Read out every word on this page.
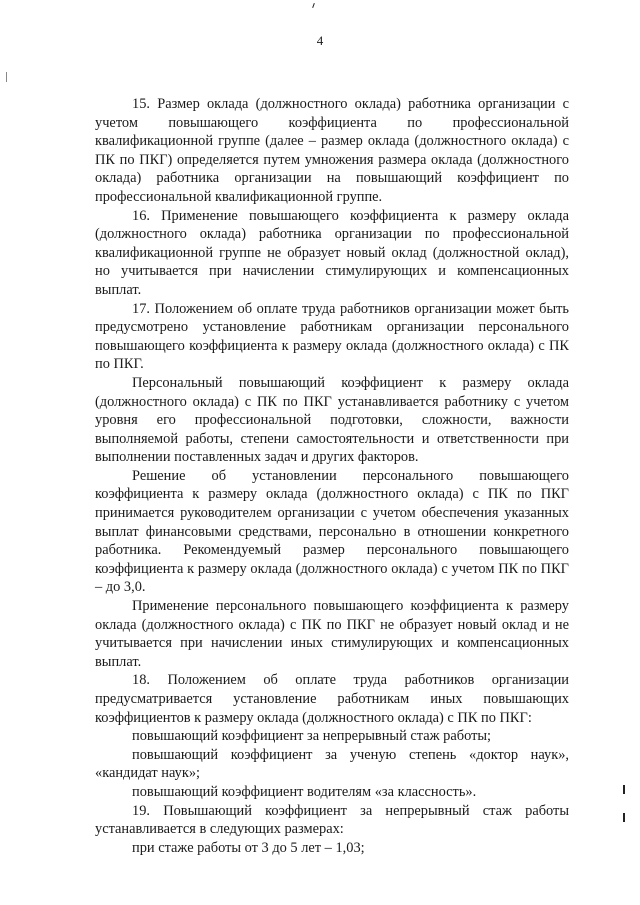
4

15. Размер оклада (должностного оклада) работника организации с учетом повышающего коэффициента по профессиональной квалификационной группе (далее – размер оклада (должностного оклада) с ПК по ПКГ) определяется путем умножения размера оклада (должностного оклада) работника организации на повышающий коэффициент по профессиональной квалификационной группе.

16. Применение повышающего коэффициента к размеру оклада (должностного оклада) работника организации по профессиональной квалификационной группе не образует новый оклад (должностной оклад), но учитывается при начислении стимулирующих и компенсационных выплат.

17. Положением об оплате труда работников организации может быть предусмотрено установление работникам организации персонального повышающего коэффициента к размеру оклада (должностного оклада) с ПК по ПКГ.

Персональный повышающий коэффициент к размеру оклада (должностного оклада) с ПК по ПКГ устанавливается работнику с учетом уровня его профессиональной подготовки, сложности, важности выполняемой работы, степени самостоятельности и ответственности при выполнении поставленных задач и других факторов.

Решение об установлении персонального повышающего коэффициента к размеру оклада (должностного оклада) с ПК по ПКГ принимается руководителем организации с учетом обеспечения указанных выплат финансовыми средствами, персонально в отношении конкретного работника. Рекомендуемый размер персонального повышающего коэффициента к размеру оклада (должностного оклада) с учетом ПК по ПКГ – до 3,0.

Применение персонального повышающего коэффициента к размеру оклада (должностного оклада) с ПК по ПКГ не образует новый оклад и не учитывается при начислении иных стимулирующих и компенсационных выплат.

18. Положением об оплате труда работников организации предусматривается установление работникам иных повышающих коэффициентов к размеру оклада (должностного оклада) с ПК по ПКГ:

повышающий коэффициент за непрерывный стаж работы;

повышающий коэффициент за ученую степень «доктор наук», «кандидат наук»;

повышающий коэффициент водителям «за классность».

19. Повышающий коэффициент за непрерывный стаж работы устанавливается в следующих размерах:

при стаже работы от 3 до 5 лет – 1,03;
